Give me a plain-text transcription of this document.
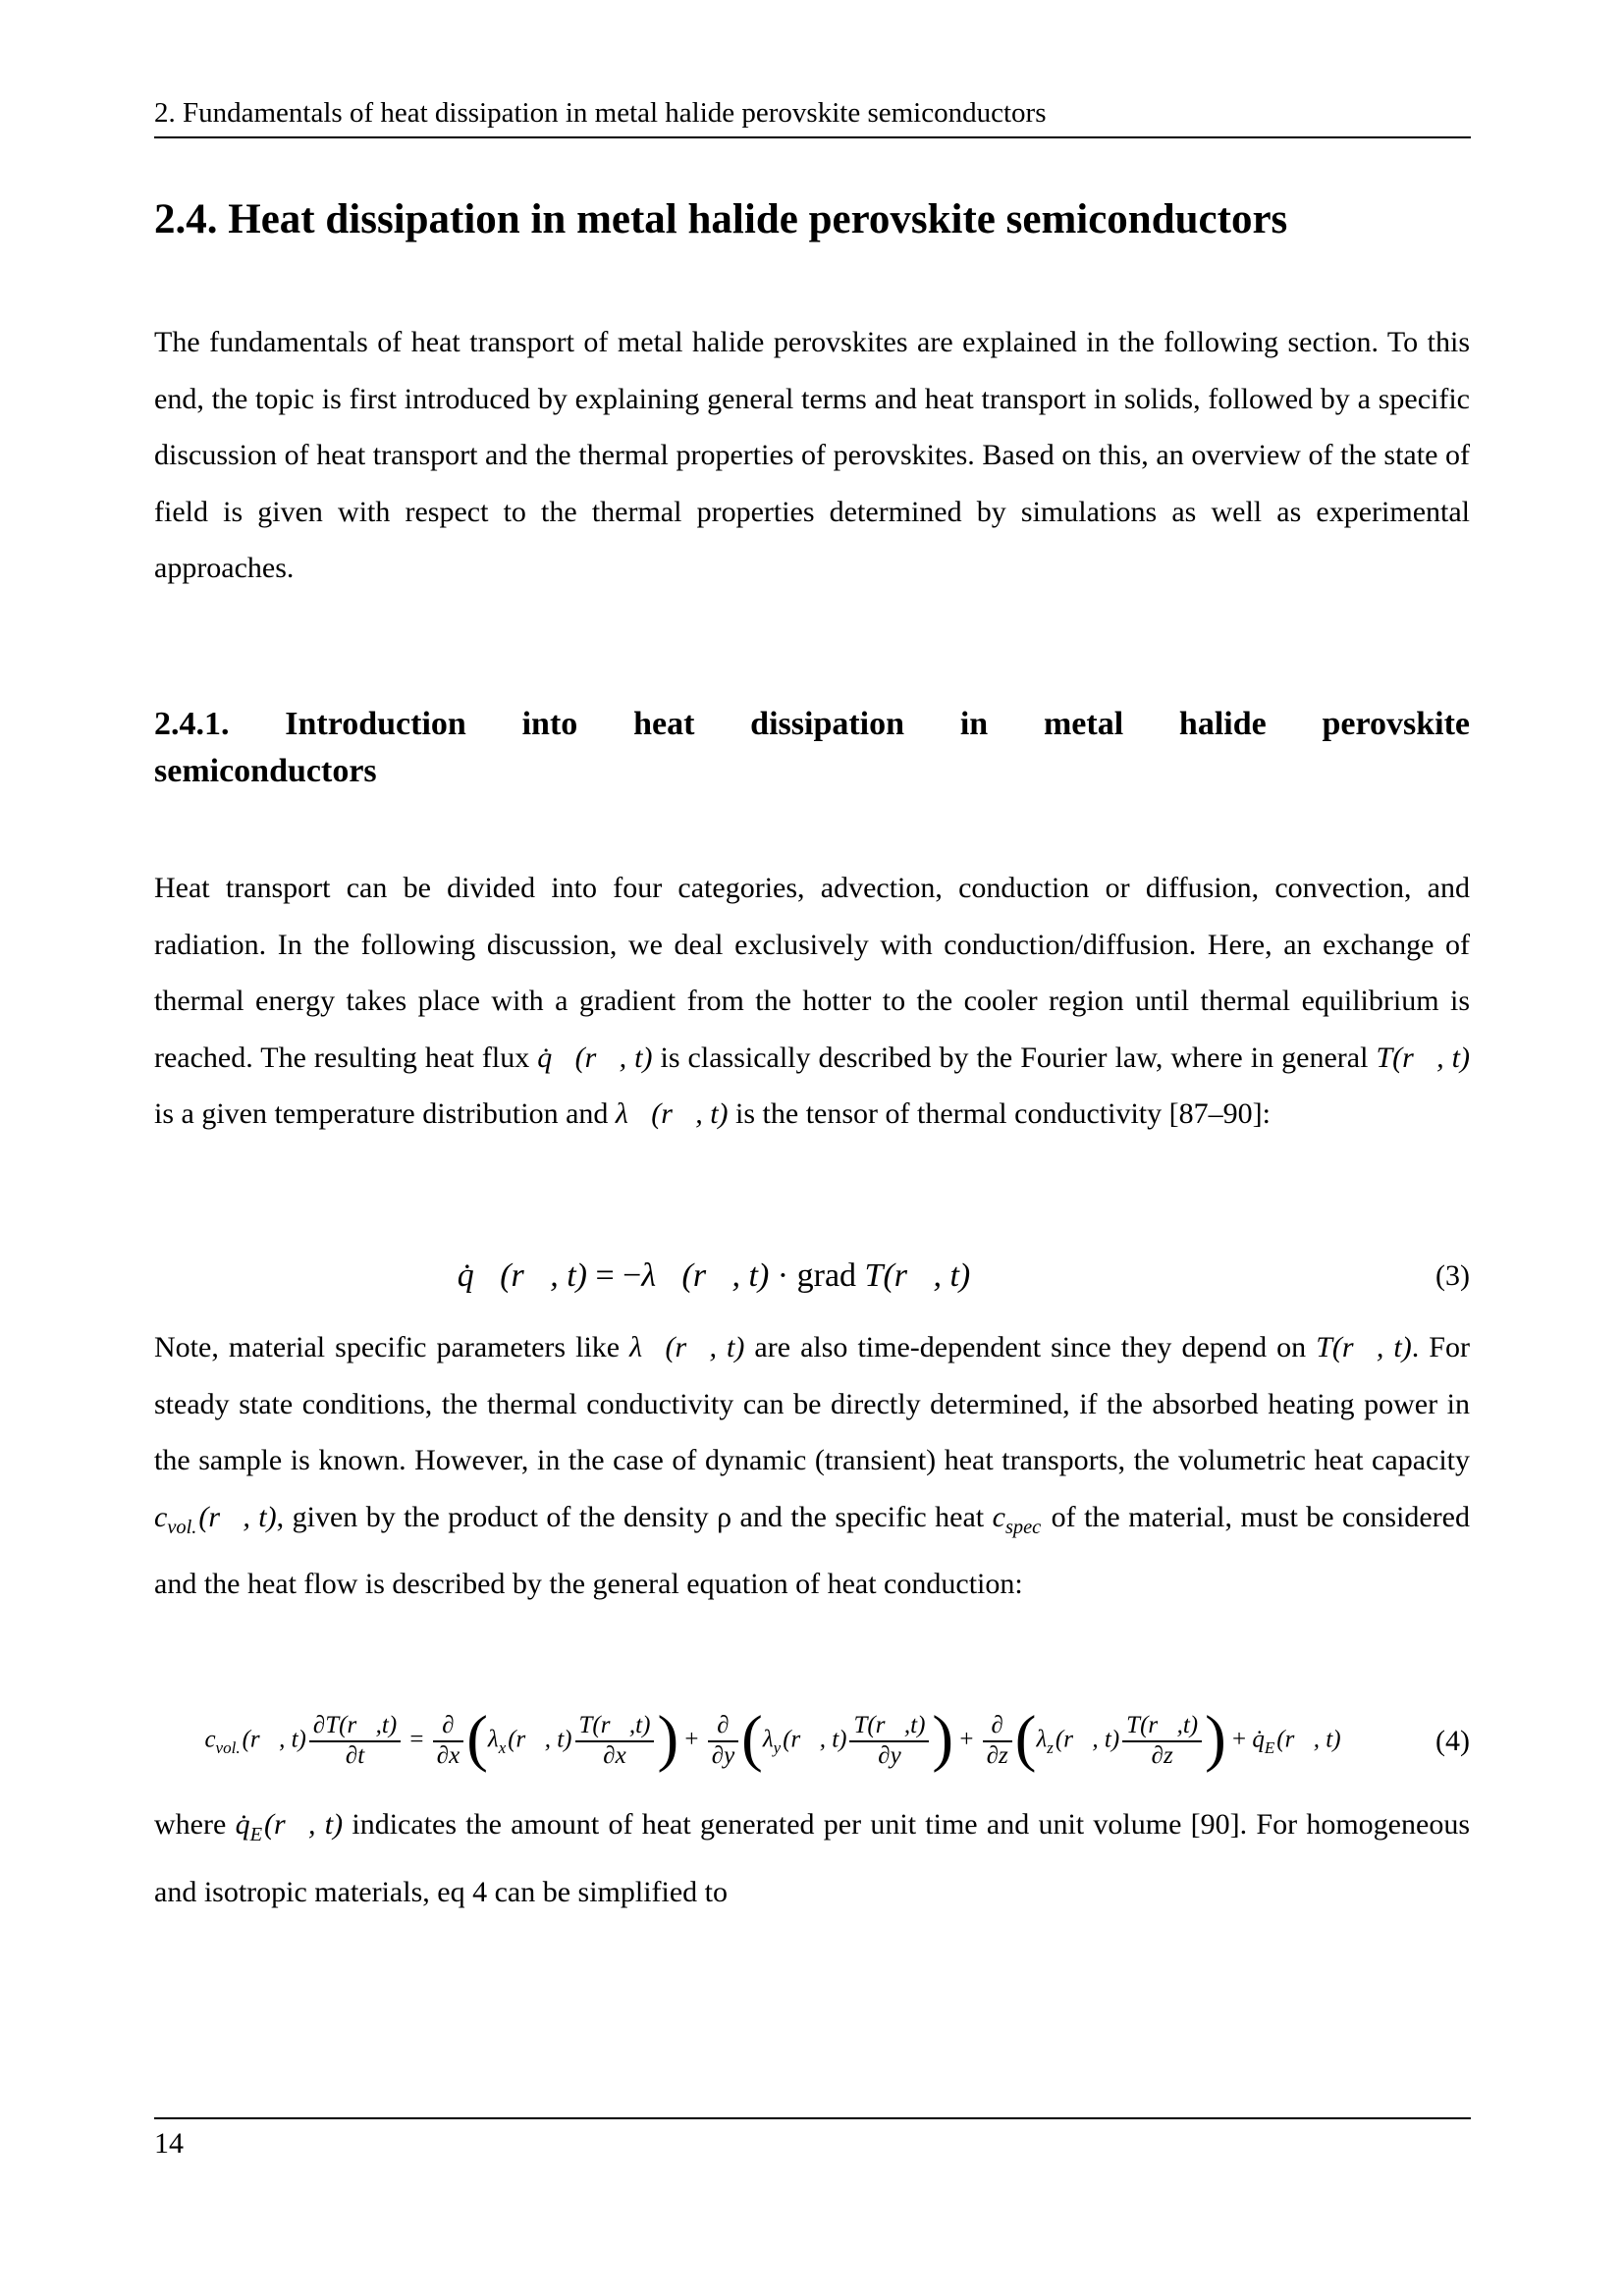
2. Fundamentals of heat dissipation in metal halide perovskite semiconductors
2.4. Heat dissipation in metal halide perovskite semiconductors

The fundamentals of heat transport of metal halide perovskites are explained in the following section. To this end, the topic is first introduced by explaining general terms and heat transport in solids, followed by a specific discussion of heat transport and the thermal properties of perovskites. Based on this, an overview of the state of field is given with respect to the thermal properties determined by simulations as well as experimental approaches.

2.4.1. Introduction into heat dissipation in metal halide perovskite
semiconductors

Heat transport can be divided into four categories, advection, conduction or diffusion, convection, and radiation. In the following discussion, we deal exclusively with conduction/diffusion. Here, an exchange of thermal energy takes place with a gradient from the hotter to the cooler region until thermal equilibrium is reached. The resulting heat flux q̇⃗(r⃗, t) is classically described by the Fourier law, where in general T(r⃗, t) is a given temperature distribution and λ⃡(r⃗, t) is the tensor of thermal conductivity [87–90]:

q̇⃗(r⃗, t) = −λ⃡(r⃗, t) · grad T(r⃗, t)	(3)

Note, material specific parameters like λ⃡(r⃗, t) are also time-dependent since they depend on T(r⃗, t). For steady state conditions, the thermal conductivity can be directly determined, if the absorbed heating power in the sample is known. However, in the case of dynamic (transient) heat transports, the volumetric heat capacity $c_{vol.}(r⃗$, t), given by the product of the density ρ and the specific heat $c_{spec}$ of the material, must be considered and the heat flow is described by the general equation of heat conduction:

$c_{vol.}(r⃗$, $t) \frac{\partial T(r⃗,t)}{\partial t} = \frac{\partial}{\partial x}$ ($\lambda_x(r⃗$, $t) \frac{T(r⃗,t)}{\partial x}$ ) + $\frac{\partial}{\partial y}$ ($\lambda_y(r⃗$, $t) \frac{T(r⃗,t)}{\partial y}$ ) + $\frac{\partial}{\partial z}$ ($\lambda_z(r⃗$, $t) \frac{T(r⃗,t)}{\partial z}$ ) + $q̇_E(r⃗$, t)	(4)

where $q̇_E(r⃗$, t) indicates the amount of heat generated per unit time and unit volume [90]. For homogeneous and isotropic materials, eq 4 can be simplified to

14
